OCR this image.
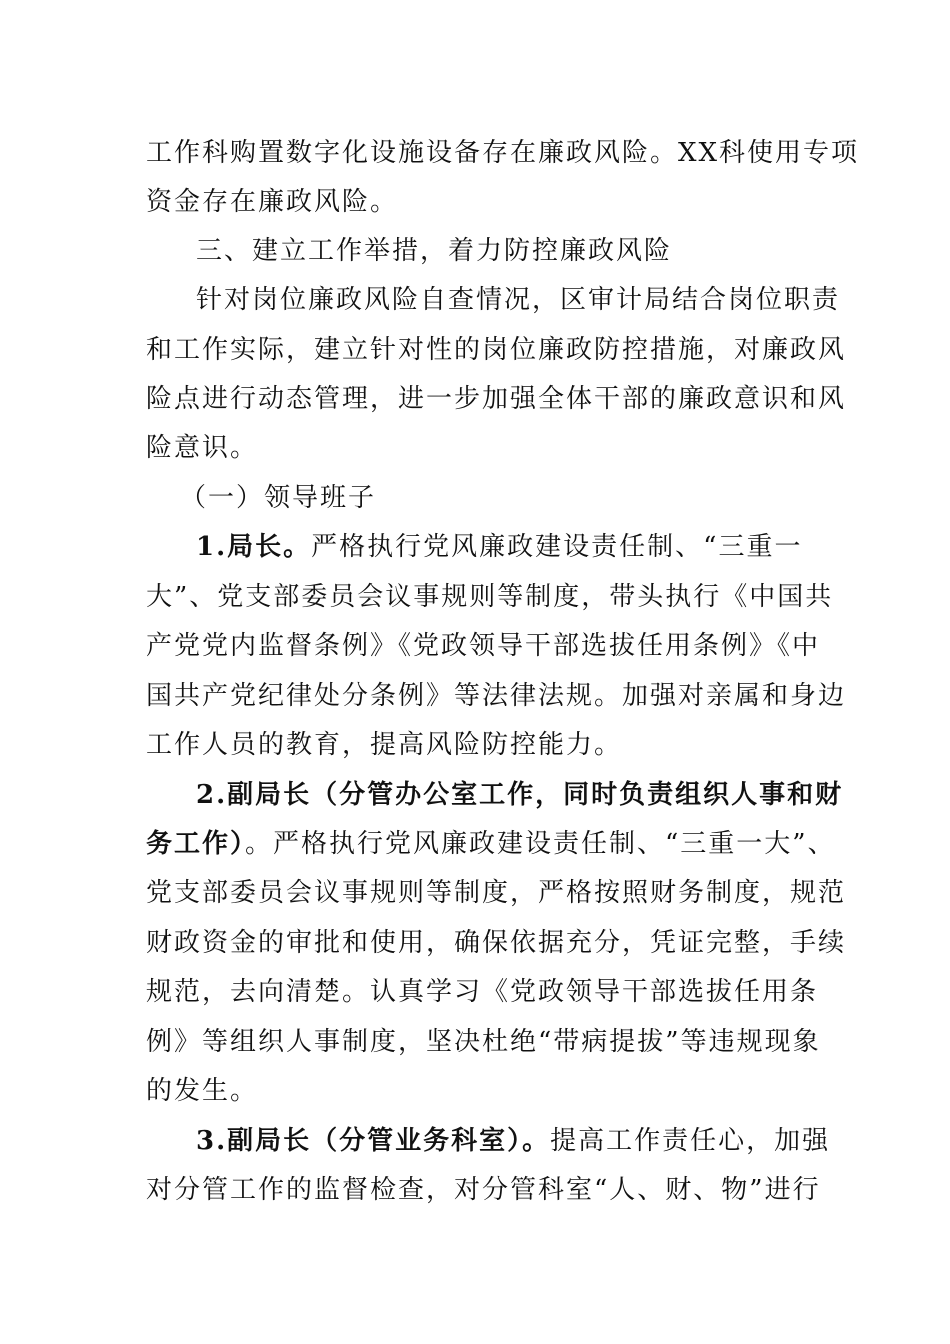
工作科购置数字化设施设备存在廉政风险。XX科使用专项
资金存在廉政风险。
三、建立工作举措，着力防控廉政风险
针对岗位廉政风险自查情况，区审计局结合岗位职责
和工作实际，建立针对性的岗位廉政防控措施，对廉政风
险点进行动态管理，进一步加强全体干部的廉政意识和风
险意识。
（一）领导班子
1.局长。严格执行党风廉政建设责任制、“三重一
大”、党支部委员会议事规则等制度，带头执行《中国共
产党党内监督条例》《党政领导干部选拔任用条例》《中
国共产党纪律处分条例》等法律法规。加强对亲属和身边
工作人员的教育，提高风险防控能力。
2.副局长（分管办公室工作，同时负责组织人事和财
务工作）。严格执行党风廉政建设责任制、“三重一大”、
党支部委员会议事规则等制度，严格按照财务制度，规范
财政资金的审批和使用，确保依据充分，凭证完整，手续
规范，去向清楚。认真学习《党政领导干部选拔任用条
例》等组织人事制度，坚决杜绝“带病提拔”等违规现象
的发生。
3.副局长（分管业务科室）。提高工作责任心，加强
对分管工作的监督检查，对分管科室“人、财、物”进行
